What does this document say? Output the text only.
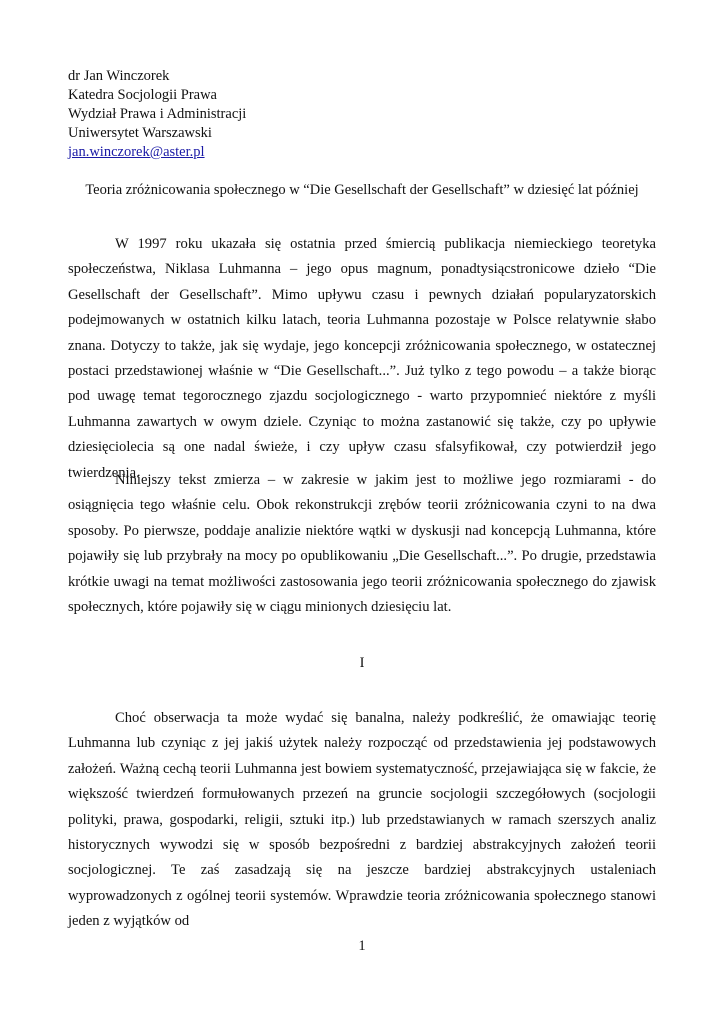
dr Jan Winczorek
Katedra Socjologii Prawa
Wydział Prawa i Administracji
Uniwersytet Warszawski
jan.winczorek@aster.pl
Teoria zróżnicowania społecznego w “Die Gesellschaft der Gesellschaft” w dziesięć lat później

W 1997 roku ukazała się ostatnia przed śmiercią publikacja niemieckiego teoretyka społeczeństwa, Niklasa Luhmanna – jego opus magnum, ponadtysiącstronicowe dzieło “Die Gesellschaft der Gesellschaft”. Mimo upływu czasu i pewnych działań popularyzatorskich podejmowanych w ostatnich kilku latach, teoria Luhmanna pozostaje w Polsce relatywnie słabo znana. Dotyczy to także, jak się wydaje, jego koncepcji zróżnicowania społecznego, w ostatecznej postaci przedstawionej właśnie w “Die Gesellschaft...”. Już tylko z tego powodu – a także biorąc pod uwagę temat tegorocznego zjazdu socjologicznego - warto przypomnieć niektóre z myśli Luhmanna zawartych w owym dziele. Czyniąc to można zastanowić się także, czy po upływie dziesięciolecia są one nadal świeże, i czy upływ czasu sfalsyfikował, czy potwierdził jego twierdzenia.

Niniejszy tekst zmierza – w zakresie w jakim jest to możliwe jego rozmiarami - do osiągnięcia tego właśnie celu. Obok rekonstrukcji zrębów teorii zróżnicowania czyni to na dwa sposoby. Po pierwsze, poddaje analizie niektóre wątki w dyskusji nad koncepcją Luhmanna, które pojawiły się lub przybrały na mocy po opublikowaniu „Die Gesellschaft...”. Po drugie, przedstawia krótkie uwagi na temat możliwości zastosowania jego teorii zróżnicowania społecznego do zjawisk społecznych, które pojawiły się w ciągu minionych dziesięciu lat.

I

Choć obserwacja ta może wydać się banalna, należy podkreślić, że omawiając teorię Luhmanna lub czyniąc z jej jakiś użytek należy rozpocząć od przedstawienia jej podstawowych założeń. Ważną cechą teorii Luhmanna jest bowiem systematyczność, przejawiająca się w fakcie, że większość twierdzeń formułowanych przezeń na gruncie socjologii szczegółowych (socjologii polityki, prawa, gospodarki, religii, sztuki itp.) lub przedstawianych w ramach szerszych analiz historycznych wywodzi się w sposób bezpośredni z bardziej abstrakcyjnych założeń teorii socjologicznej. Te zaś zasadzają się na jeszcze bardziej abstrakcyjnych ustaleniach wyprowadzonych z ogólnej teorii systemów. Wprawdzie teoria zróżnicowania społecznego stanowi jeden z wyjątków od

1
